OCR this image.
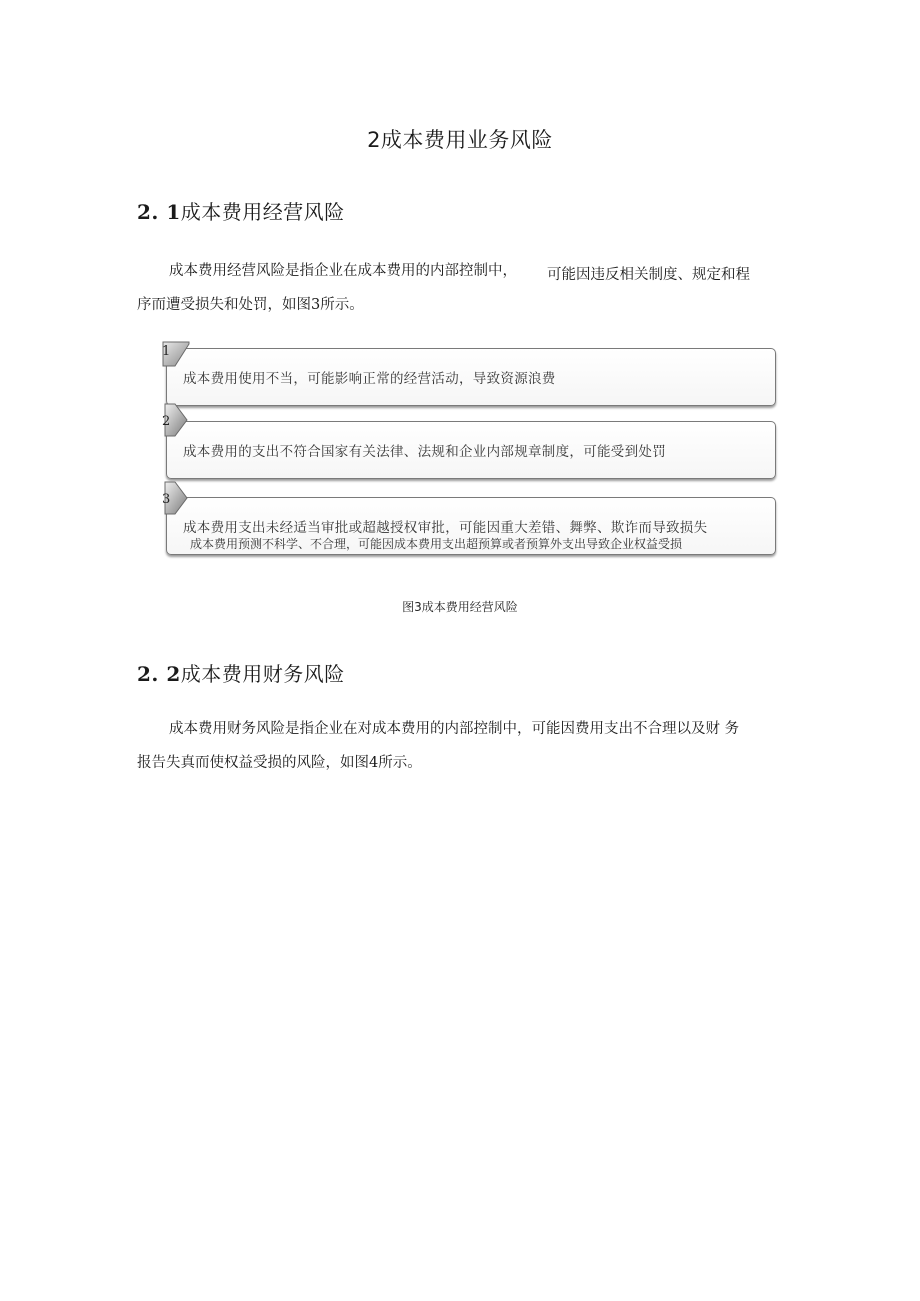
2成本费用业务风险
2. 1成本费用经营风险
成本费用经营风险是指企业在成本费用的内部控制中， 可能因违反相关制度、规定和程
序而遭受损失和处罚，如图3所示。
成本费用使用不当，可能影响正常的经营活动，导致资源浪费
成本费用的支出不符合国家有关法律、法规和企业内部规章制度，可能受到处罚
成本费用支出未经适当审批或超越授权审批，可能因重大差错、舞弊、欺诈而导致损失
1
2
3
成本费用预测不科学、不合理，可能因成本费用支出超预算或者预算外支出导致企业权益受损
图3成本费用经营风险
2. 2成本费用财务风险
成本费用财务风险是指企业在对成本费用的内部控制中，可能因费用支出不合理以及财 务
报告失真而使权益受损的风险，如图4所示。
